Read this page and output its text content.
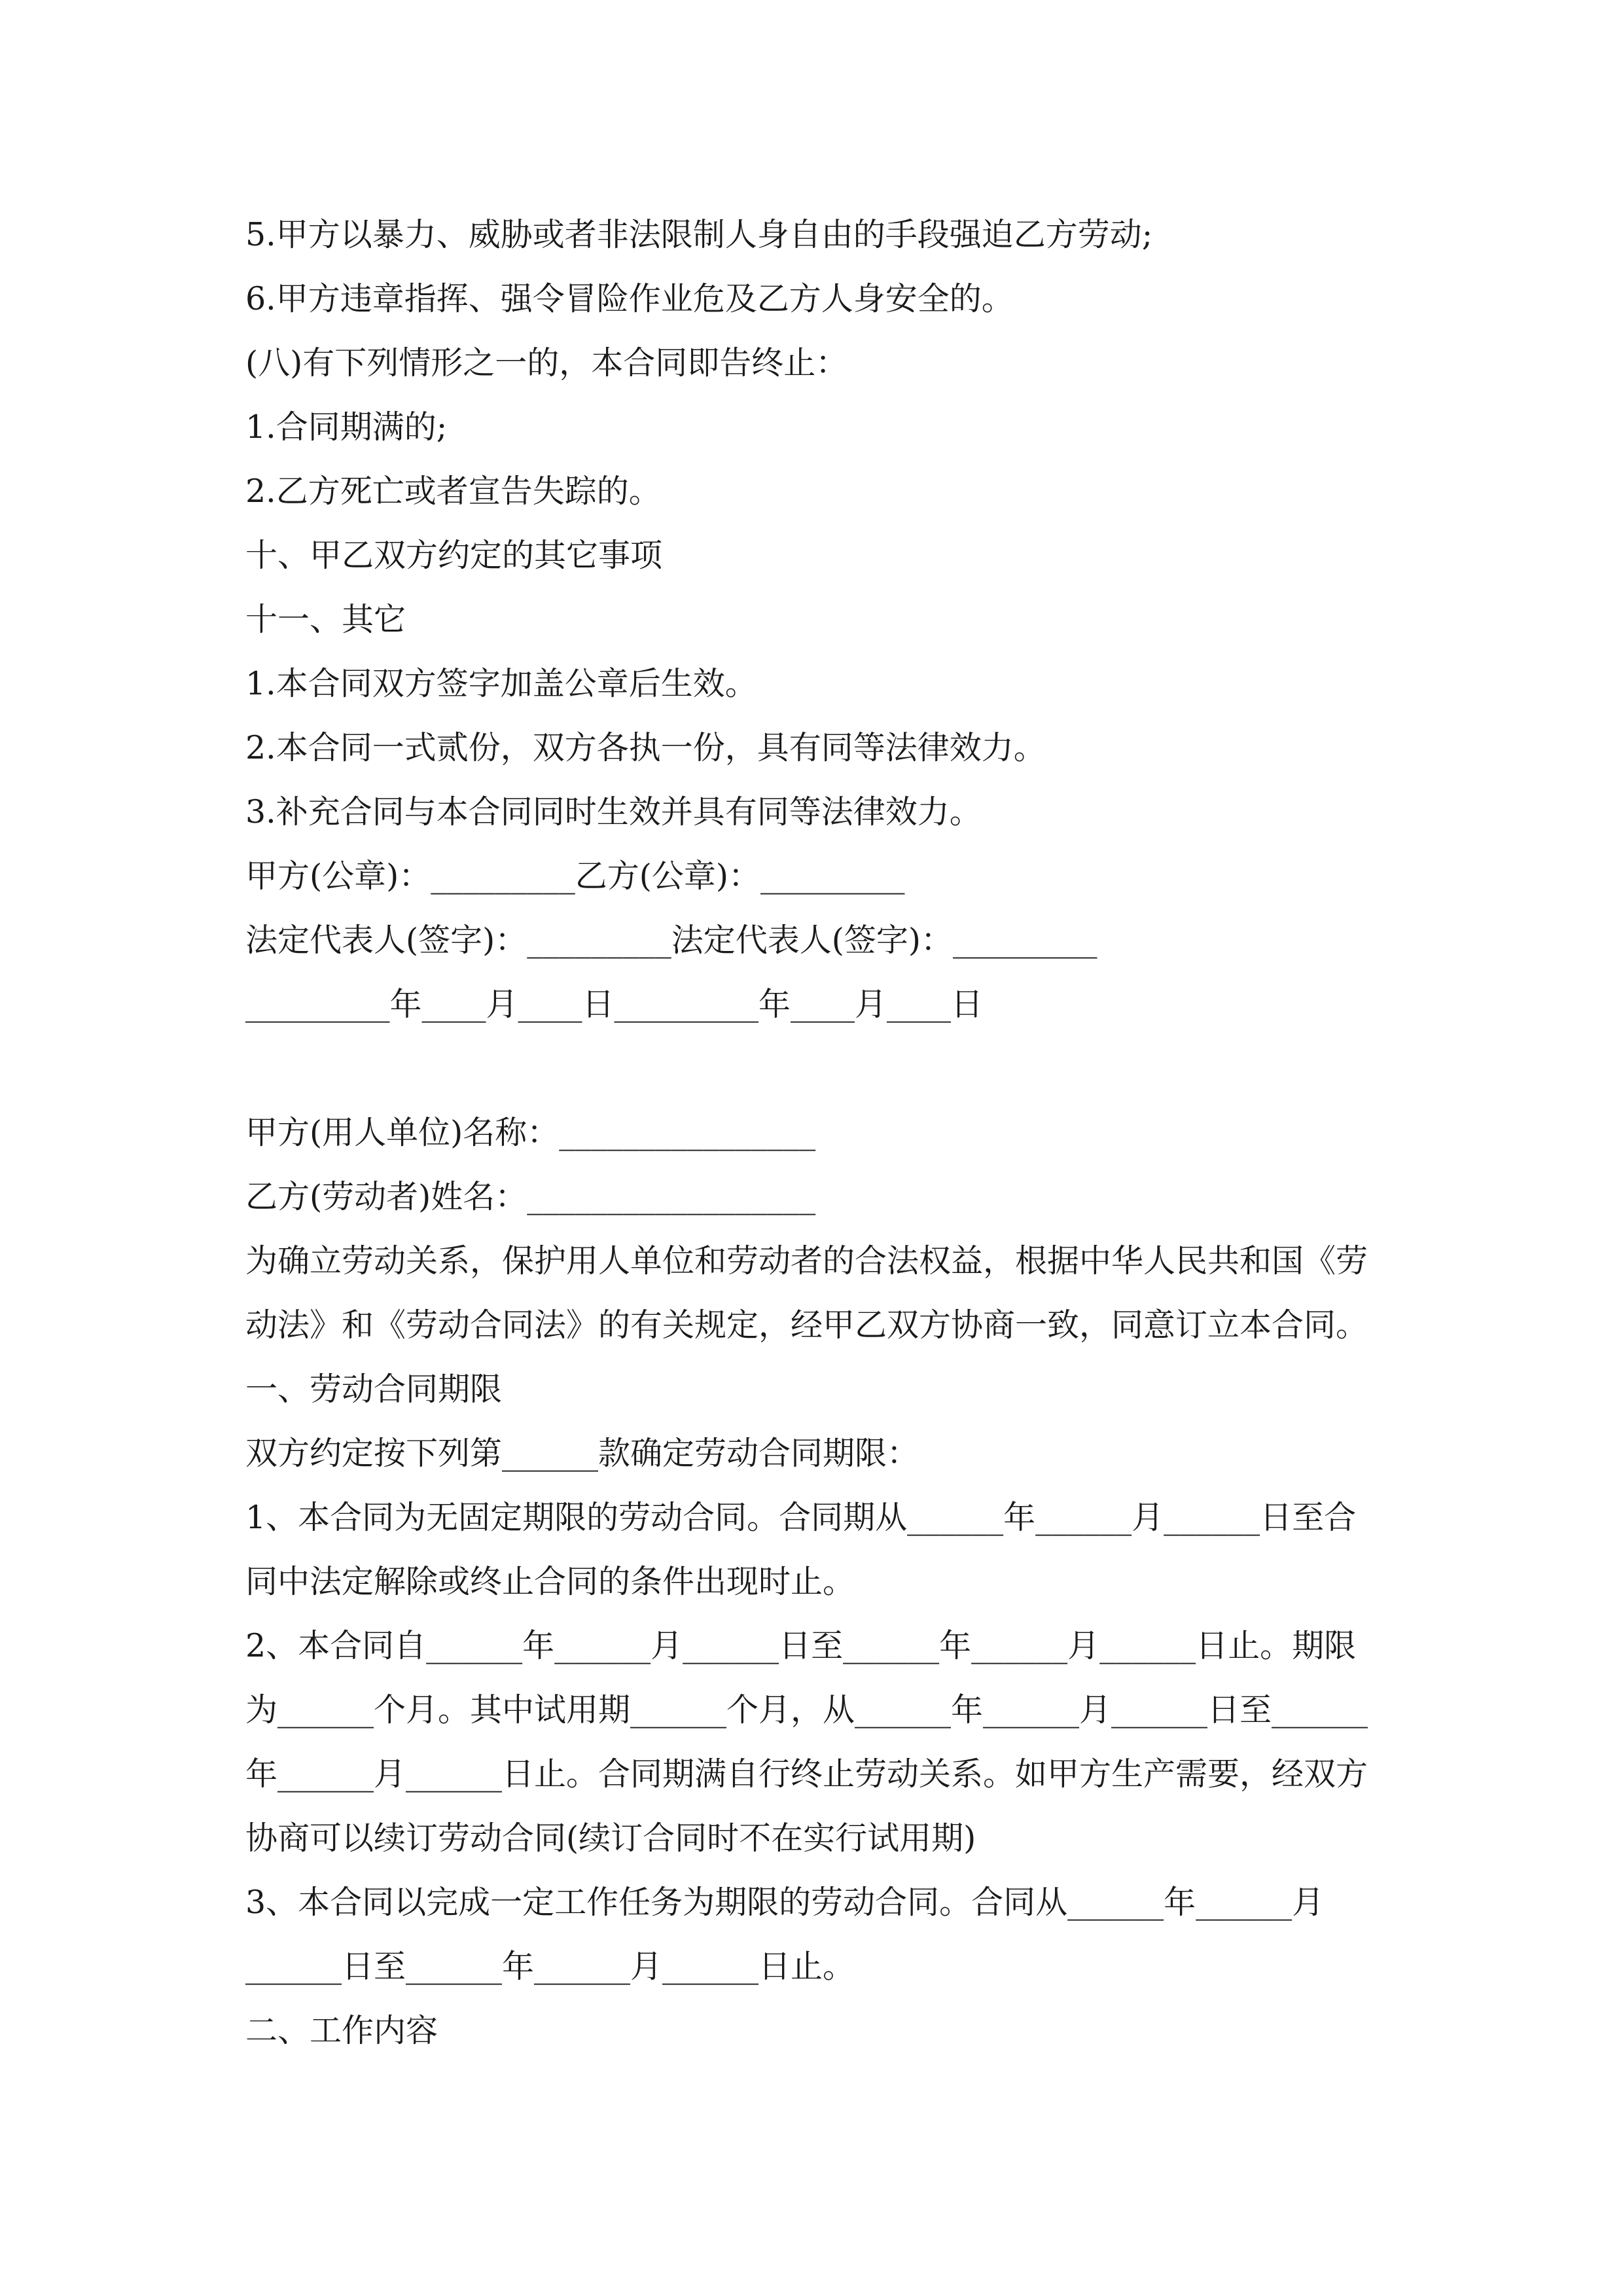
5.甲方以暴力、威胁或者非法限制人身自由的手段强迫乙方劳动;
6.甲方违章指挥、强令冒险作业危及乙方人身安全的。
(八)有下列情形之一的，本合同即告终止：
1.合同期满的;
2.乙方死亡或者宣告失踪的。
十、甲乙双方约定的其它事项
十一、其它
1.本合同双方签字加盖公章后生效。
2.本合同一式贰份，双方各执一份，具有同等法律效力。
3.补充合同与本合同同时生效并具有同等法律效力。
甲方(公章)：_________乙方(公章)：_________
法定代表人(签字)：_________法定代表人(签字)：_________
_________年____月____日_________年____月____日
甲方(用人单位)名称：________________
乙方(劳动者)姓名：__________________
为确立劳动关系，保护用人单位和劳动者的合法权益，根据中华人民共和国《劳
动法》和《劳动合同法》的有关规定，经甲乙双方协商一致，同意订立本合同。
一、劳动合同期限
双方约定按下列第______款确定劳动合同期限：
1、本合同为无固定期限的劳动合同。合同期从______年______月______日至合
同中法定解除或终止合同的条件出现时止。
2、本合同自______年______月______日至______年______月______日止。期限
为______个月。其中试用期______个月，从______年______月______日至______
年______月______日止。合同期满自行终止劳动关系。如甲方生产需要，经双方
协商可以续订劳动合同(续订合同时不在实行试用期)
3、本合同以完成一定工作任务为期限的劳动合同。合同从______年______月
______日至______年______月______日止。
二、工作内容
